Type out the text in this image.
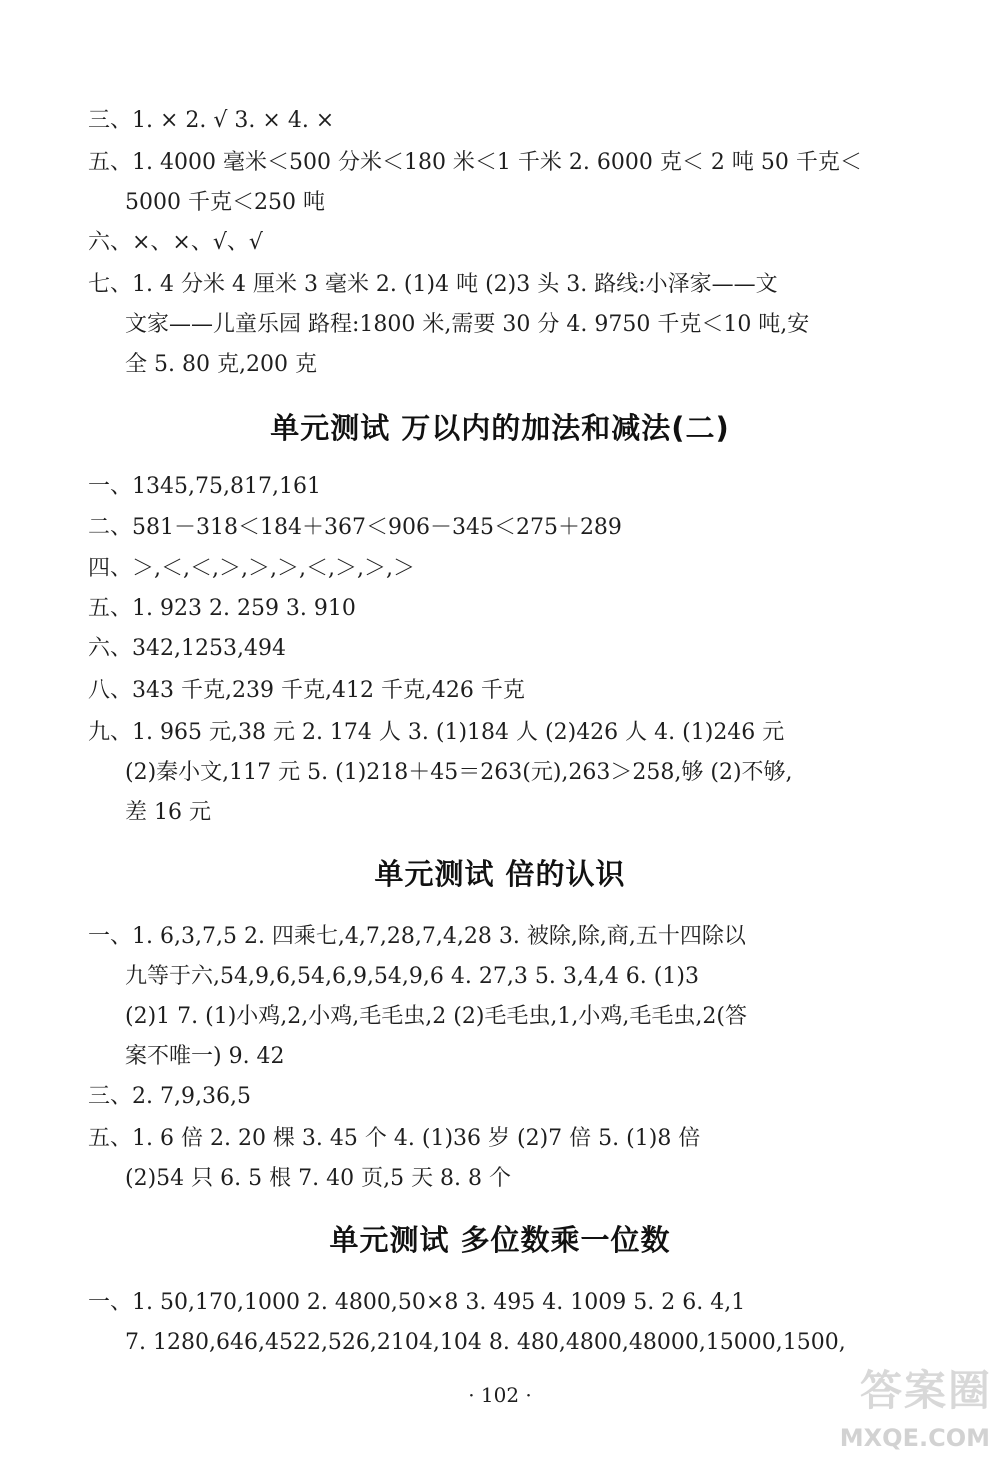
三、1. × 2. √ 3. × 4. ×
五、1. 4000 毫米＜500 分米＜180 米＜1 千米 2. 6000 克＜ 2 吨 50 千克＜
5000 千克＜250 吨
六、×、×、√、√
七、1. 4 分米 4 厘米 3 毫米 2. (1)4 吨 (2)3 头 3. 路线:小泽家——文
文家——儿童乐园 路程:1800 米,需要 30 分 4. 9750 千克＜10 吨,安
全 5. 80 克,200 克
单元测试 万以内的加法和减法(二)
一、1345,75,817,161
二、581－318＜184＋367＜906－345＜275＋289
四、＞,＜,＜,＞,＞,＞,＜,＞,＞,＞
五、1. 923 2. 259 3. 910
六、342,1253,494
八、343 千克,239 千克,412 千克,426 千克
九、1. 965 元,38 元 2. 174 人 3. (1)184 人 (2)426 人 4. (1)246 元
(2)秦小文,117 元 5. (1)218＋45＝263(元),263＞258,够 (2)不够,
差 16 元
单元测试 倍的认识
一、1. 6,3,7,5 2. 四乘七,4,7,28,7,4,28 3. 被除,除,商,五十四除以
九等于六,54,9,6,54,6,9,54,9,6 4. 27,3 5. 3,4,4 6. (1)3
(2)1 7. (1)小鸡,2,小鸡,毛毛虫,2 (2)毛毛虫,1,小鸡,毛毛虫,2(答
案不唯一) 9. 42
三、2. 7,9,36,5
五、1. 6 倍 2. 20 棵 3. 45 个 4. (1)36 岁 (2)7 倍 5. (1)8 倍
(2)54 只 6. 5 根 7. 40 页,5 天 8. 8 个
单元测试 多位数乘一位数
一、1. 50,170,1000 2. 4800,50×8 3. 495 4. 1009 5. 2 6. 4,1
7. 1280,646,4522,526,2104,104 8. 480,4800,48000,15000,1500,
· 102 ·	答案圈
MXQE.COM
